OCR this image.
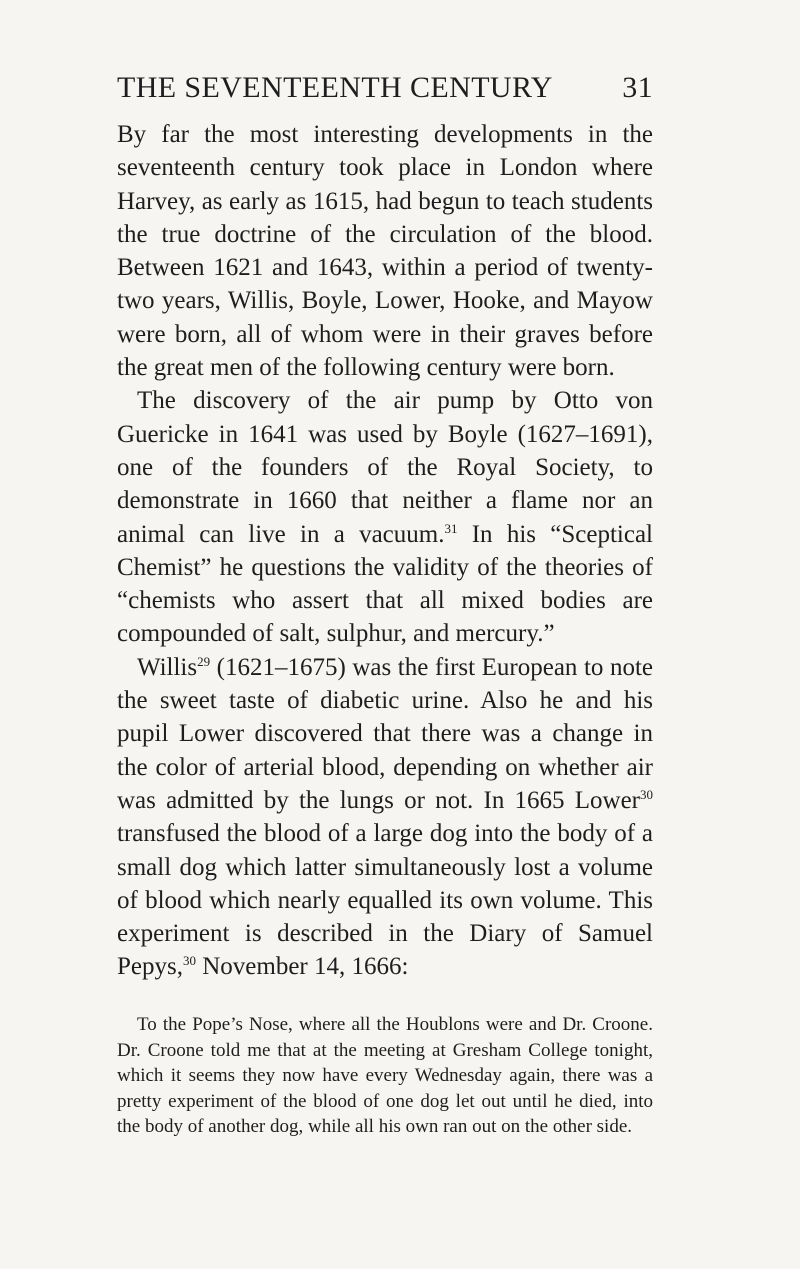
THE SEVENTEENTH CENTURY 31

By far the most interesting developments in the seventeenth century took place in London where Harvey, as early as 1615, had begun to teach students the true doctrine of the circulation of the blood. Between 1621 and 1643, within a period of twenty-two years, Willis, Boyle, Lower, Hooke, and Mayow were born, all of whom were in their graves before the great men of the following century were born.

The discovery of the air pump by Otto von Guericke in 1641 was used by Boyle (1627–1691), one of the founders of the Royal Society, to demonstrate in 1660 that neither a flame nor an animal can live in a vacuum.$^{31}$ In his “Sceptical Chemist” he questions the validity of the theories of “chemists who assert that all mixed bodies are compounded of salt, sulphur, and mercury.”

Willis$^{29}$ (1621–1675) was the first European to note the sweet taste of diabetic urine. Also he and his pupil Lower discovered that there was a change in the color of arterial blood, depending on whether air was admitted by the lungs or not. In 1665 Lower$^{30}$ transfused the blood of a large dog into the body of a small dog which latter simultaneously lost a volume of blood which nearly equalled its own volume. This experiment is described in the Diary of Samuel Pepys,$^{30}$ November 14, 1666:

To the Pope’s Nose, where all the Houblons were and Dr. Croone. Dr. Croone told me that at the meeting at Gresham College tonight, which it seems they now have every Wednesday again, there was a pretty experiment of the blood of one dog let out until he died, into the body of another dog, while all his own ran out on the other side.
